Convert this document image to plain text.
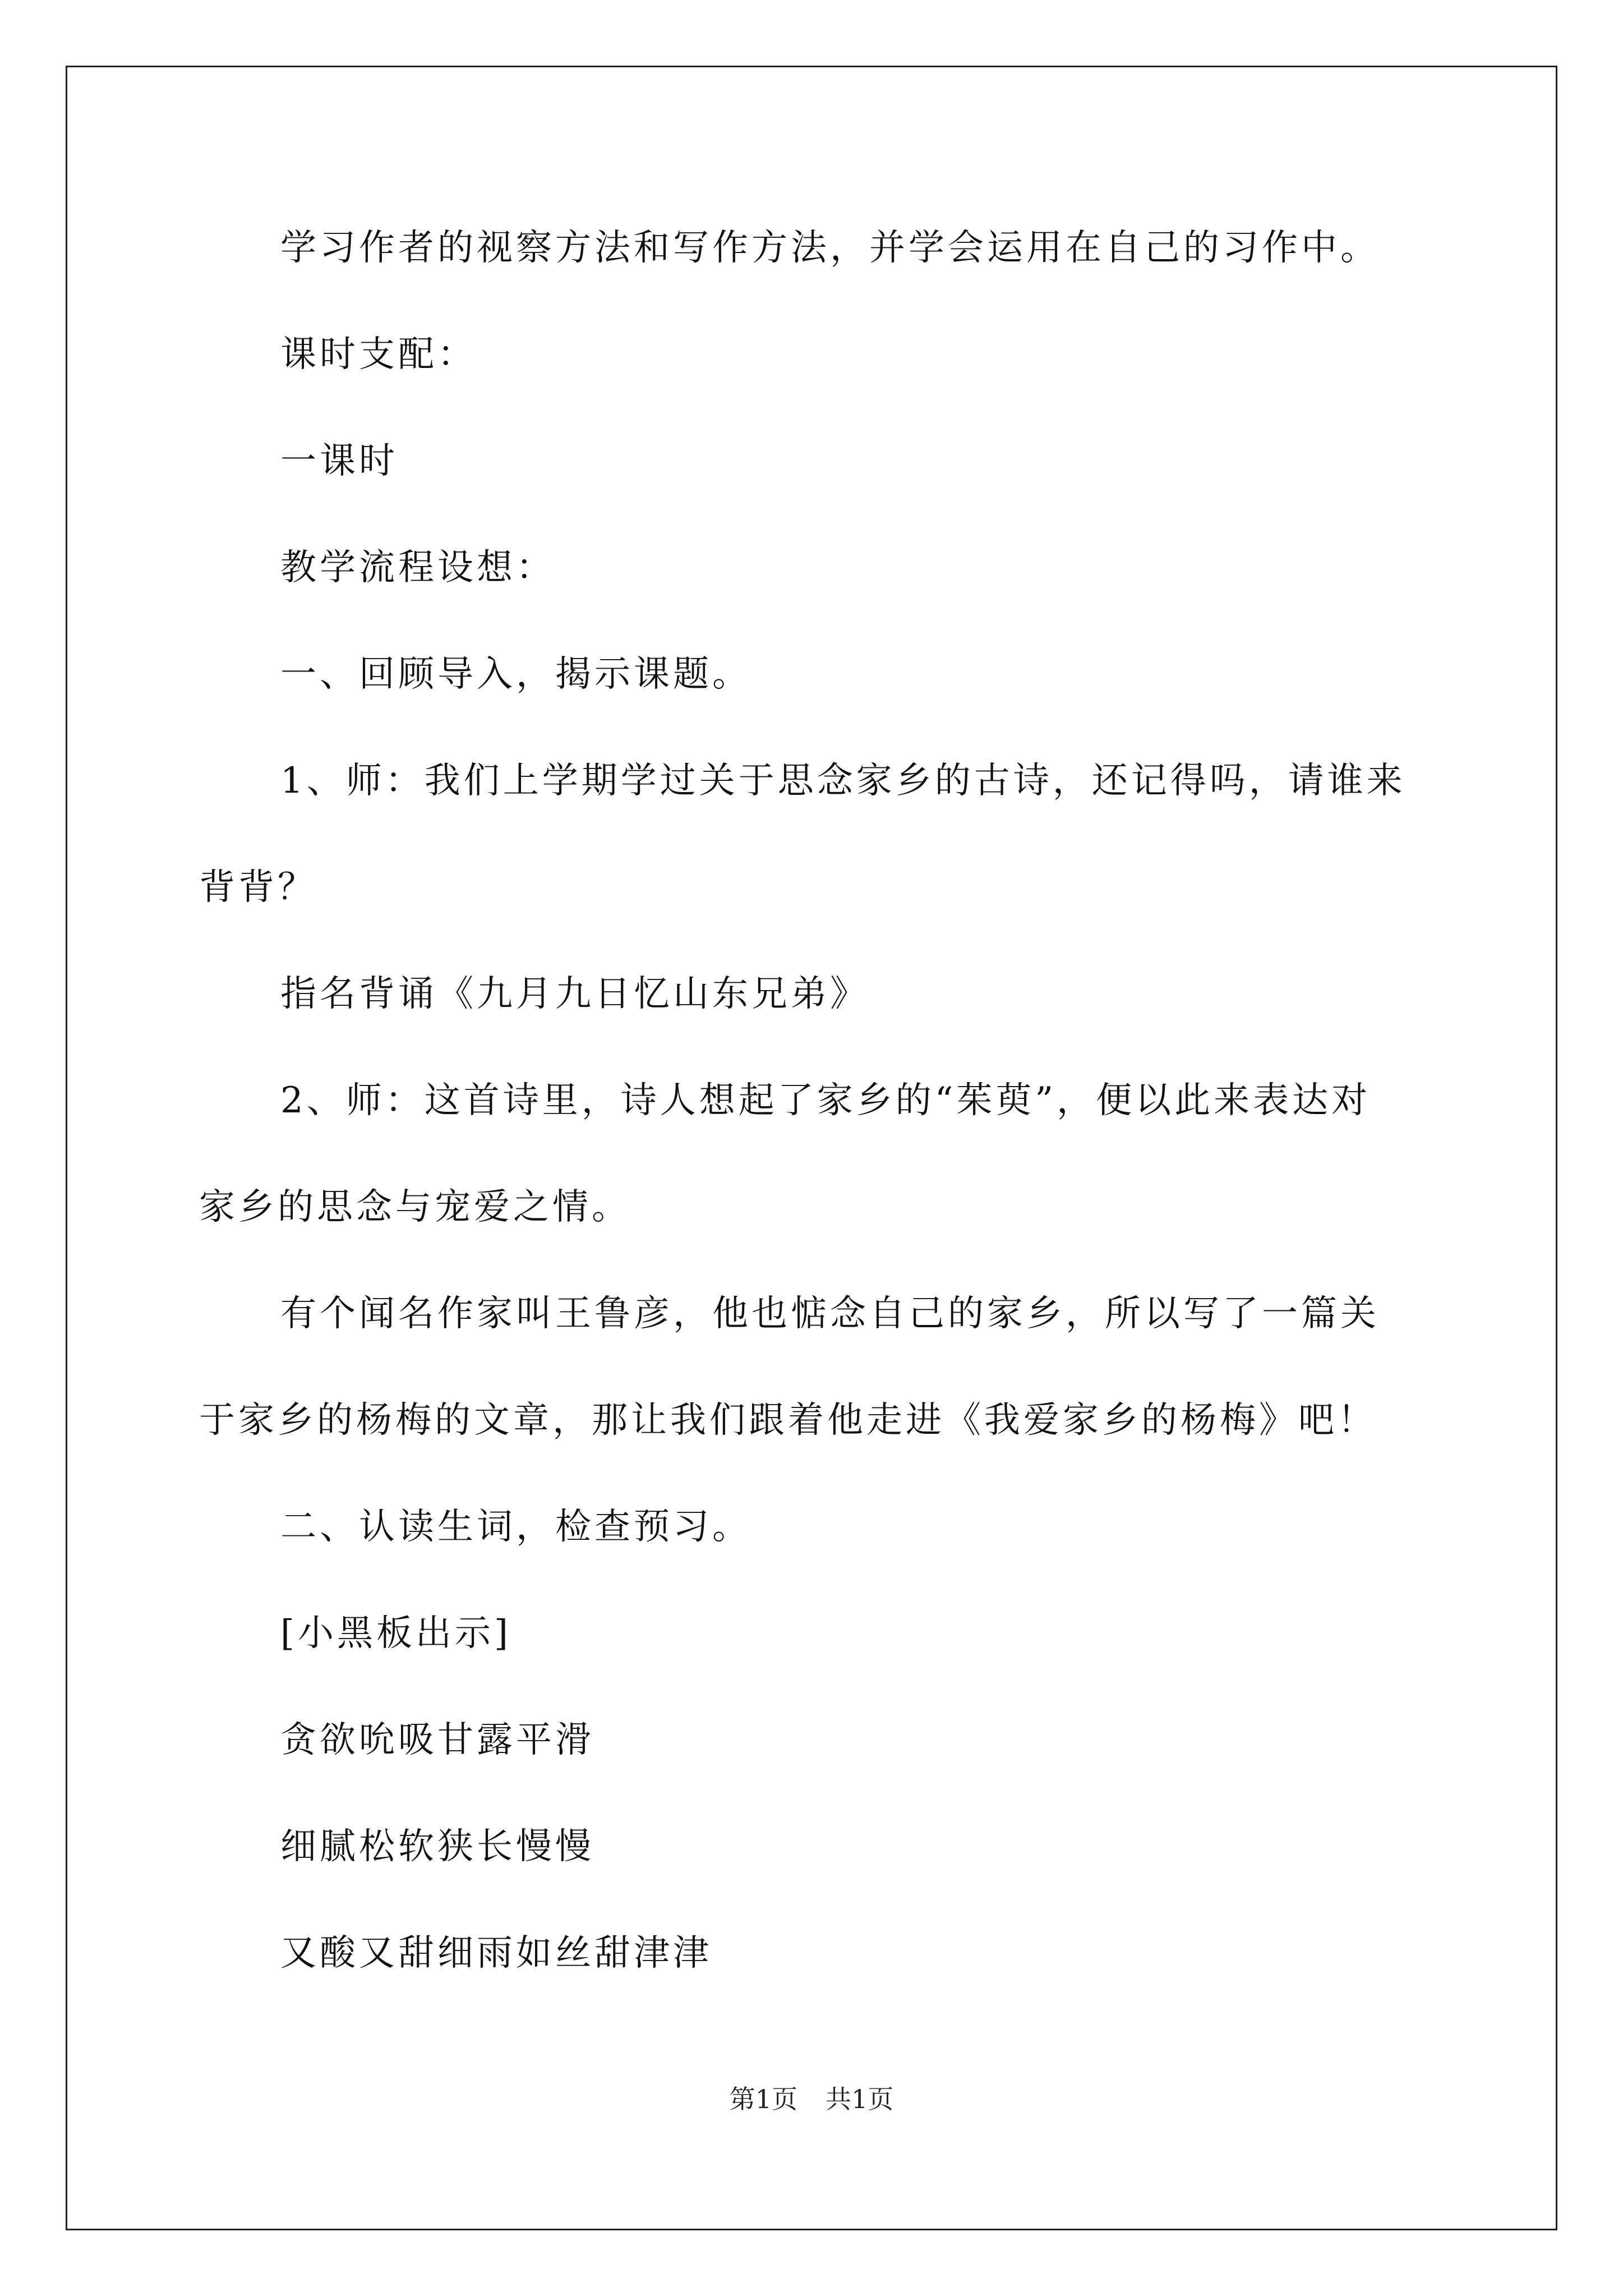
学习作者的视察方法和写作方法，并学会运用在自己的习作中。
课时支配：
一课时
教学流程设想：
一、回顾导入，揭示课题。
1、师：我们上学期学过关于思念家乡的古诗，还记得吗，请谁来
背背？
指名背诵《九月九日忆山东兄弟》
2、师：这首诗里，诗人想起了家乡的“茱萸”，便以此来表达对
家乡的思念与宠爱之情。
有个闻名作家叫王鲁彦，他也惦念自己的家乡，所以写了一篇关
于家乡的杨梅的文章，那让我们跟着他走进《我爱家乡的杨梅》吧！
二、认读生词，检查预习。
[小黑板出示]
贪欲吮吸甘露平滑
细腻松软狭长慢慢
又酸又甜细雨如丝甜津津
第1页 共1页
